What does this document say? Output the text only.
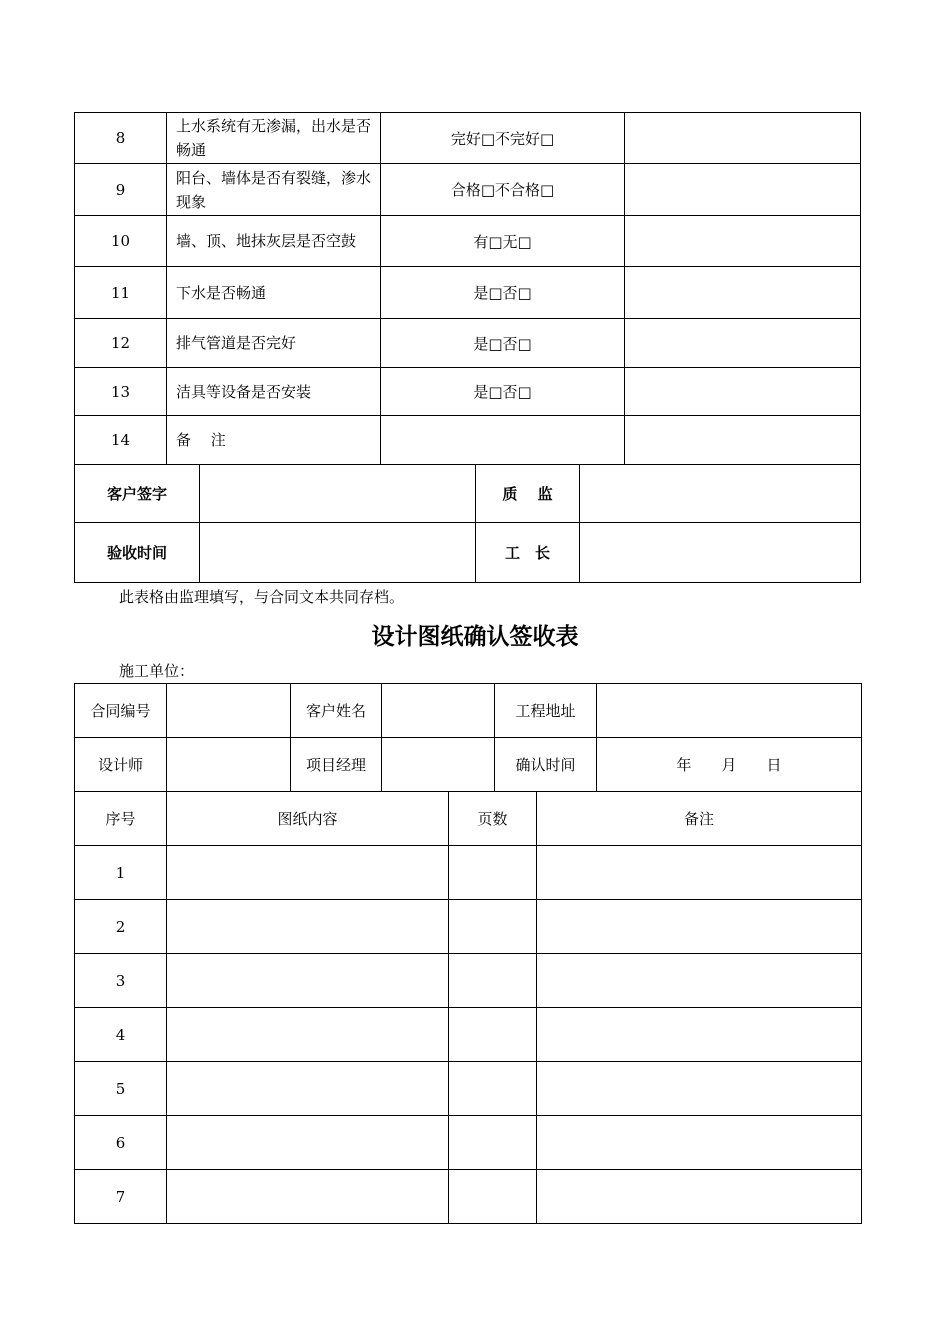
8	上水系统有无渗漏，出水是否畅通	完好□不完好□	
9	阳台、墙体是否有裂缝，渗水现象	合格□不合格□	
10	墙、顶、地抹灰层是否空鼓	有□无□	
11	下水是否畅通	是□否□	
12	排气管道是否完好	是□否□	
13	洁具等设备是否安装	是□否□	
14	备　 注		
客户签字		质　 监	
验收时间		工　长	
此表格由监理填写，与合同文本共同存档。
设计图纸确认签收表
施工单位：
合同编号		客户姓名		工程地址	
设计师		项目经理		确认时间	年　　月　　日
序号	图纸内容	页数	备注
1			
2			
3			
4			
5			
6			
7			
